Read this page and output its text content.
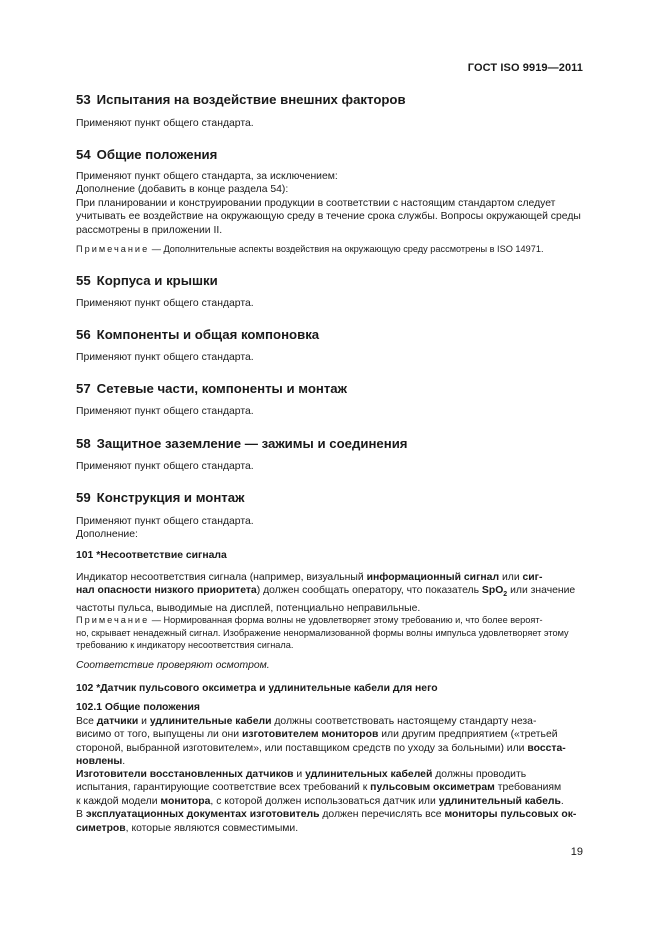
ГОСТ ISO 9919—2011
53 Испытания на воздействие внешних факторов
Применяют пункт общего стандарта.
54 Общие положения
Применяют пункт общего стандарта, за исключением:
Дополнение (добавить в конце раздела 54):
При планировании и конструировании продукции в соответствии с настоящим стандартом следует
учитывать ее воздействие на окружающую среду в течение срока службы. Вопросы окружающей среды
рассмотрены в приложении II.
Примечание — Дополнительные аспекты воздействия на окружающую среду рассмотрены в ISO 14971.
55 Корпуса и крышки
Применяют пункт общего стандарта.
56 Компоненты и общая компоновка
Применяют пункт общего стандарта.
57 Сетевые части, компоненты и монтаж
Применяют пункт общего стандарта.
58 Защитное заземление — зажимы и соединения
Применяют пункт общего стандарта.
59 Конструкция и монтаж
Применяют пункт общего стандарта.
Дополнение:
101 *Несоответствие сигнала
Индикатор несоответствия сигнала (например, визуальный информационный сигнал или сиг-
нал опасности низкого приоритета) должен сообщать оператору, что показатель SpO$_2$ или значение
частоты пульса, выводимые на дисплей, потенциально неправильные.
Примечание — Нормированная форма волны не удовлетворяет этому требованию и, что более вероят-
но, скрывает ненадежный сигнал. Изображение ненормализованной формы волны импульса удовлетворяет этому
требованию к индикатору несоответствия сигнала.
Соответствие проверяют осмотром.
102 *Датчик пульсового оксиметра и удлинительные кабели для него
102.1 Общие положения
Все датчики и удлинительные кабели должны соответствовать настоящему стандарту неза-
висимо от того, выпущены ли они изготовителем мониторов или другим предприятием («третьей
стороной, выбранной изготовителем», или поставщиком средств по уходу за больными) или восста-
новлены.
Изготовители восстановленных датчиков и удлинительных кабелей должны проводить
испытания, гарантирующие соответствие всех требований к пульсовым оксиметрам требованиям
к каждой модели монитора, с которой должен использоваться датчик или удлинительный кабель.
В эксплуатационных документах изготовитель должен перечислять все мониторы пульсовых ок-
симетров, которые являются совместимыми.
19
